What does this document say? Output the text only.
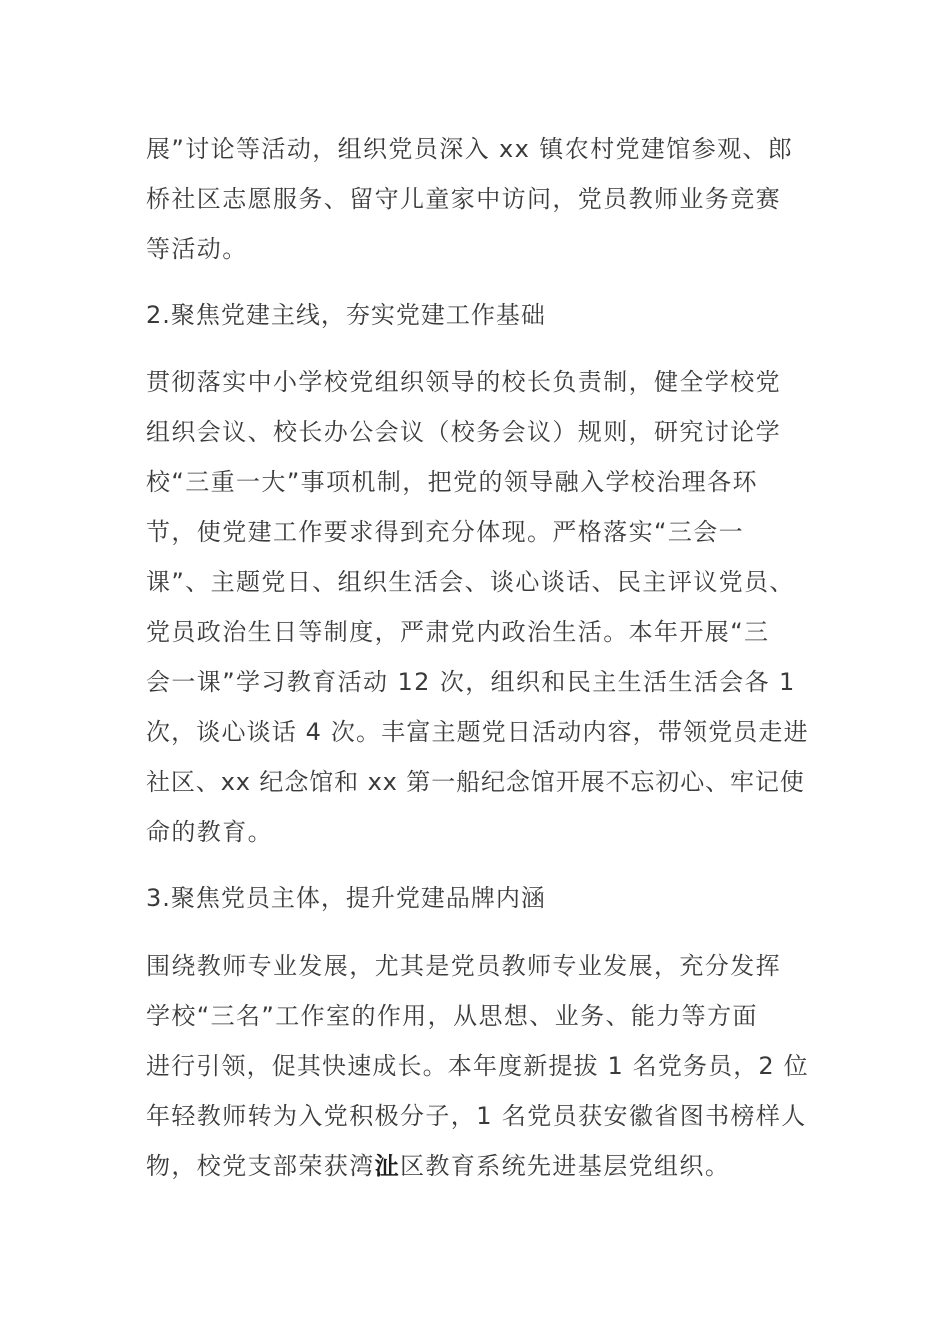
展”讨论等活动，组织党员深入 xx 镇农村党建馆参观、郎
桥社区志愿服务、留守儿童家中访问，党员教师业务竞赛
等活动。
2.聚焦党建主线，夯实党建工作基础
贯彻落实中小学校党组织领导的校长负责制，健全学校党
组织会议、校长办公会议（校务会议）规则，研究讨论学
校“三重一大”事项机制，把党的领导融入学校治理各环
节，使党建工作要求得到充分体现。严格落实“三会一
课”、主题党日、组织生活会、谈心谈话、民主评议党员、
党员政治生日等制度，严肃党内政治生活。本年开展“三
会一课”学习教育活动 12 次，组织和民主生活生活会各 1
次，谈心谈话 4 次。丰富主题党日活动内容，带领党员走进
社区、xx 纪念馆和 xx 第一船纪念馆开展不忘初心、牢记使
命的教育。
3.聚焦党员主体，提升党建品牌内涵
围绕教师专业发展，尤其是党员教师专业发展，充分发挥
学校“三名”工作室的作用，从思想、业务、能力等方面
进行引领，促其快速成长。本年度新提拔 1 名党务员，2 位
年轻教师转为入党积极分子，1 名党员获安徽省图书榜样人
物，校党支部荣获湾沚区教育系统先进基层党组织。
